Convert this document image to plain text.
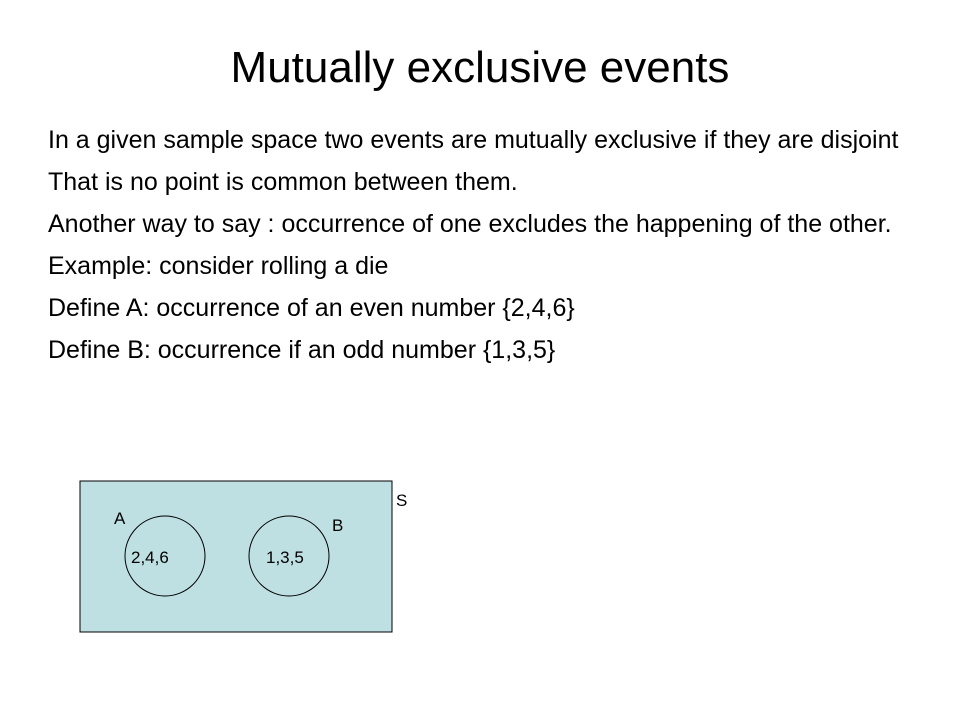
Mutually exclusive events
In a given sample space two events are mutually exclusive if they are disjoint
That is no point is common between them.
Another way to say : occurrence of one excludes the happening of the other.
Example: consider rolling a die
Define A: occurrence of an even number {2,4,6}
Define B: occurrence if an odd number {1,3,5}
S
A
2,4,6
B
1,3,5
